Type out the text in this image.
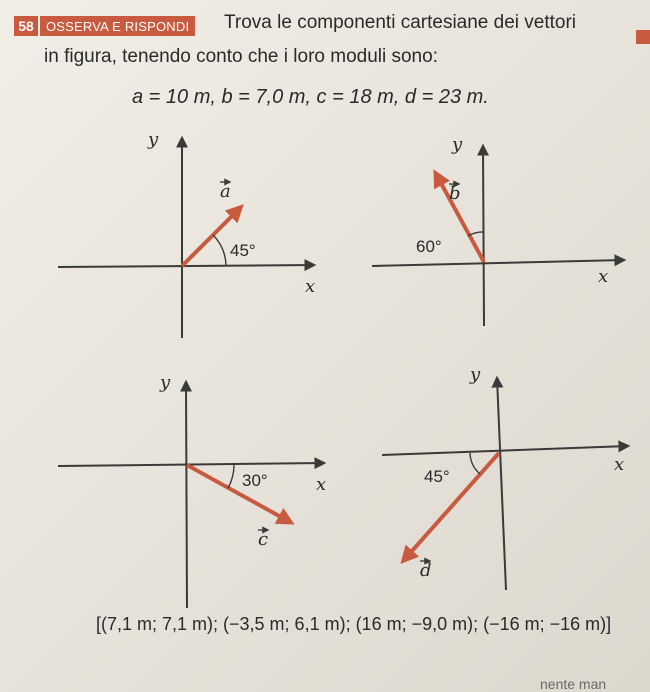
58 OSSERVA E RISPONDI	Trova le componenti cartesiane dei vettori
in figura, tenendo conto che i loro moduli sono:
a = 10 m, b = 7,0 m, c = 18 m, d = 23 m.
y
x
a
45°
y
x
b
60°
y
x
c
30°
y
x
d
45°
[(7,1 m; 7,1 m); (−3,5 m; 6,1 m); (16 m; −9,0 m); (−16 m; −16 m)]
nente man
